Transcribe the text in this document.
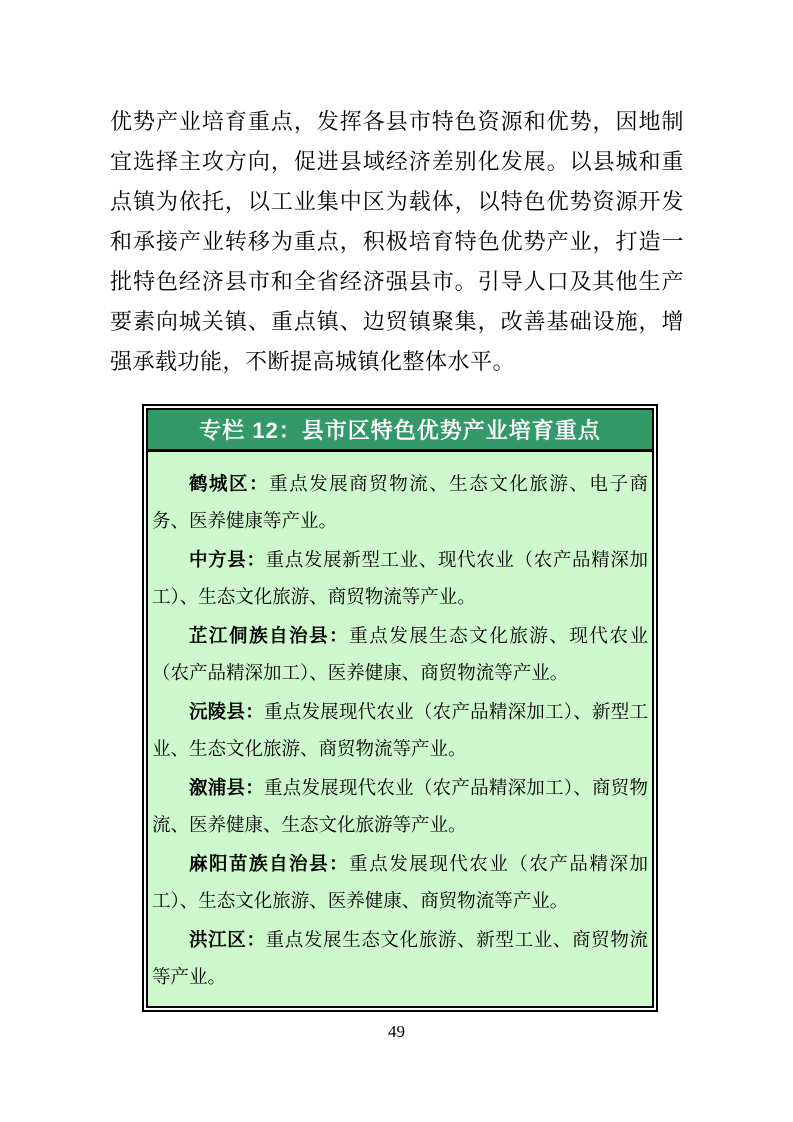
优势产业培育重点，发挥各县市特色资源和优势，因地制宜选择主攻方向，促进县域经济差别化发展。以县城和重点镇为依托，以工业集中区为载体，以特色优势资源开发和承接产业转移为重点，积极培育特色优势产业，打造一批特色经济县市和全省经济强县市。引导人口及其他生产要素向城关镇、重点镇、边贸镇聚集，改善基础设施，增强承载功能，不断提高城镇化整体水平。

专栏 12：县市区特色优势产业培育重点

鹤城区：重点发展商贸物流、生态文化旅游、电子商务、医养健康等产业。

中方县：重点发展新型工业、现代农业（农产品精深加工）、生态文化旅游、商贸物流等产业。

芷江侗族自治县：重点发展生态文化旅游、现代农业（农产品精深加工）、医养健康、商贸物流等产业。

沅陵县：重点发展现代农业（农产品精深加工）、新型工业、生态文化旅游、商贸物流等产业。

溆浦县：重点发展现代农业（农产品精深加工）、商贸物流、医养健康、生态文化旅游等产业。

麻阳苗族自治县：重点发展现代农业（农产品精深加工）、生态文化旅游、医养健康、商贸物流等产业。

洪江区：重点发展生态文化旅游、新型工业、商贸物流等产业。

49
